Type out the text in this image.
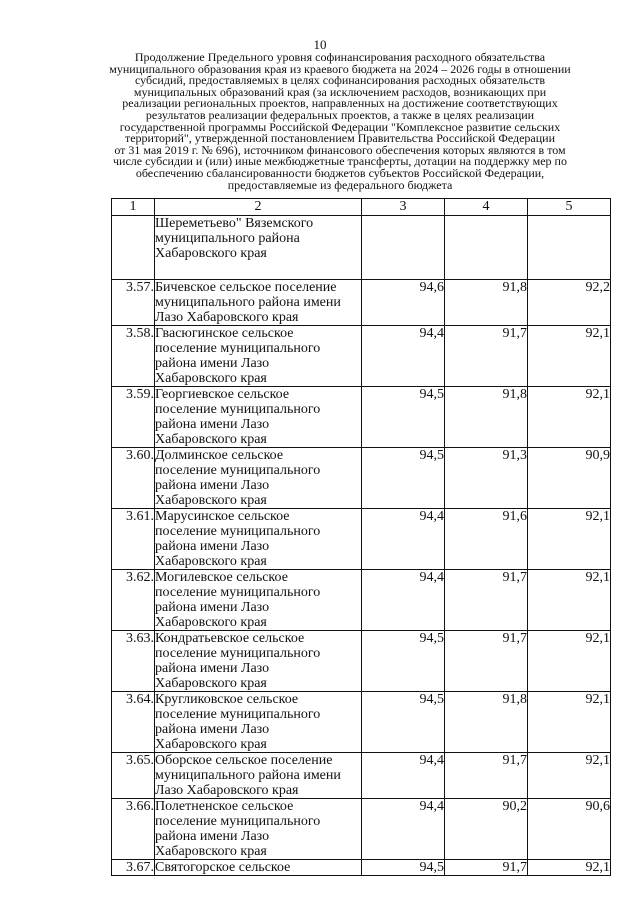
10
Продолжение Предельного уровня софинансирования расходного обязательства
муниципального образования края из краевого бюджета на 2024 – 2026 годы в отношении
субсидий, предоставляемых в целях софинансирования расходных обязательств
муниципальных образований края (за исключением расходов, возникающих при
реализации региональных проектов, направленных на достижение соответствующих
результатов реализации федеральных проектов, а также в целях реализации
государственной программы Российской Федерации "Комплексное развитие сельских
территорий", утвержденной постановлением Правительства Российской Федерации
от 31 мая 2019 г. № 696), источником финансового обеспечения которых являются в том
числе субсидии и (или) иные межбюджетные трансферты, дотации на поддержку мер по
обеспечению сбалансированности бюджетов субъектов Российской Федерации,
предоставляемые из федерального бюджета
1	2	3	4	5

	Шереметьево" Вяземского
муниципального района
Хабаровского края			

3.57.	Бичевское сельское поселение
муниципального района имени
Лазо Хабаровского края	94,6	91,8	92,2
3.58.	Гвасюгинское сельское
поселение муниципального
района имени Лазо
Хабаровского края	94,4	91,7	92,1
3.59.	Георгиевское сельское
поселение муниципального
района имени Лазо
Хабаровского края	94,5	91,8	92,1
3.60.	Долминское сельское
поселение муниципального
района имени Лазо
Хабаровского края	94,5	91,3	90,9
3.61.	Марусинское сельское
поселение муниципального
района имени Лазо
Хабаровского края	94,4	91,6	92,1
3.62.	Могилевское сельское
поселение муниципального
района имени Лазо
Хабаровского края	94,4	91,7	92,1
3.63.	Кондратьевское сельское
поселение муниципального
района имени Лазо
Хабаровского края	94,5	91,7	92,1
3.64.	Кругликовское сельское
поселение муниципального
района имени Лазо
Хабаровского края	94,5	91,8	92,1
3.65.	Оборское сельское поселение
муниципального района имени
Лазо Хабаровского края	94,4	91,7	92,1
3.66.	Полетненское сельское
поселение муниципального
района имени Лазо
Хабаровского края	94,4	90,2	90,6
3.67.	Святогорское сельское	94,5	91,7	92,1
